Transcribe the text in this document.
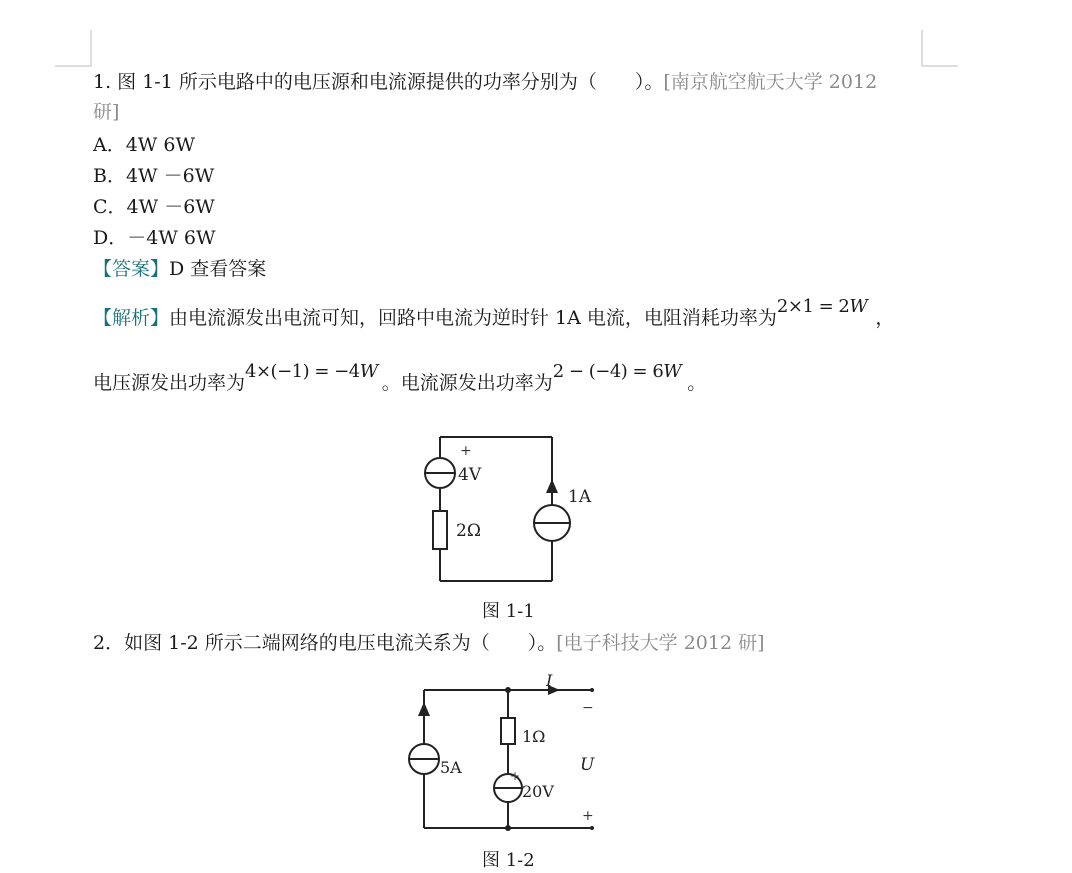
1. 图 1-1 所示电路中的电压源和电流源提供的功率分别为（　　）。[南京航空航天大学 2012
研]
A．4W 6W
B．4W －6W
C．4W －6W
D．－4W 6W
【答案】D 查看答案
【解析】由电流源发出电流可知，回路中电流为逆时针 1A 电流，电阻消耗功率为2×1 = 2W，
电压源发出功率为4×(−1) = −4W。电流源发出功率为2 − (−4) = 6W。
+
4V
2Ω
1A
图 1-1
2．如图 1-2 所示二端网络的电压电流关系为（　　）。[电子科技大学 2012 研]
I
−
1Ω
5A	U
+
20V
+
图 1-2
